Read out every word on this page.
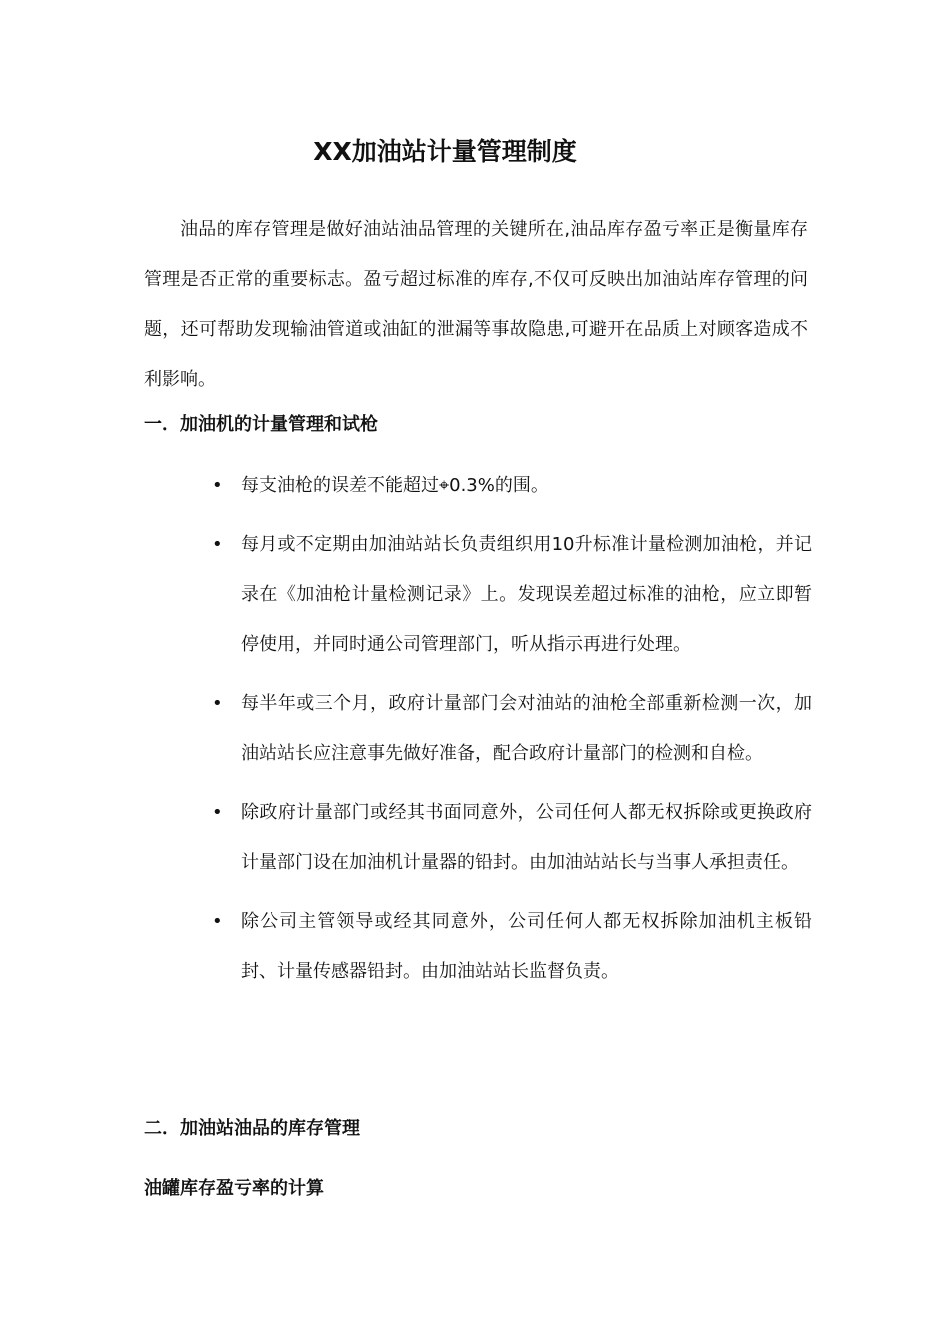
XX加油站计量管理制度

油品的库存管理是做好油站油品管理的关键所在,油品库存盈亏率正是衡量库存管理是否正常的重要标志。盈亏超过标准的库存,不仅可反映出加油站库存管理的问题，还可帮助发现输油管道或油缸的泄漏等事故隐患,可避开在品质上对顾客造成不利影响。

一．加油机的计量管理和试枪
• 每支油枪的误差不能超过⌖0.3%的围。
• 每月或不定期由加油站站长负责组织用10升标准计量检测加油枪，并记录在《加油枪计量检测记录》上。发现误差超过标准的油枪，应立即暂停使用，并同时通公司管理部门，听从指示再进行处理。
• 每半年或三个月，政府计量部门会对油站的油枪全部重新检测一次，加油站站长应注意事先做好准备，配合政府计量部门的检测和自检。
• 除政府计量部门或经其书面同意外，公司任何人都无权拆除或更换政府计量部门设在加油机计量器的铅封。由加油站站长与当事人承担责任。
• 除公司主管领导或经其同意外，公司任何人都无权拆除加油机主板铅封、计量传感器铅封。由加油站站长监督负责。
二．加油站油品的库存管理
油罐库存盈亏率的计算
